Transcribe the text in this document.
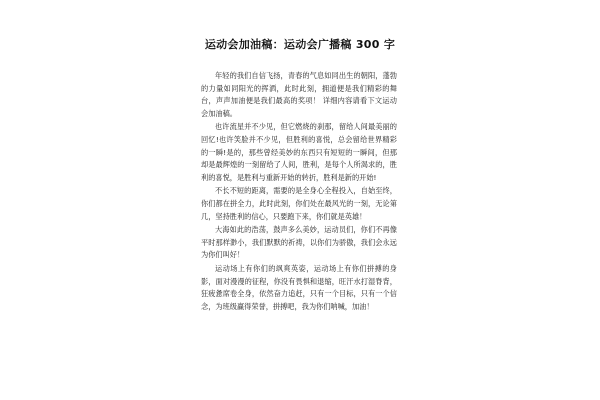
运动会加油稿：运动会广播稿 300 字

年轻的我们自信飞扬，青春的气息如同出生的朝阳，蓬勃的力量如同阳光的挥洒，此时此刻，拥道便是我们精彩的舞台，声声加油便是我们最高的奖项！ 详细内容请看下文运动会加油稿。

也许流星并不少见，但它燃烧的刹那，留给人间最美丽的回忆!也许笑脸并不少见，但胜利的喜悦，总会留给世界精彩的一瞬!是的，那些曾经美妙的东西只有短短的一瞬间，但那却是最辉煌的一刻留给了人间，胜利，是每个人所渴求的，胜利的喜悦，是胜利与重新开始的转折，胜利是新的开始!

不长不短的距离，需要的是全身心全程投入，自始至终，你们都在拼全力，此时此刻，你们处在最风光的一刻，无论第几，坚持胜利的信心，只要跑下来，你们就是英雄！

大海如此的浩荡，鼓声多么美妙，运动员们，你们不再像平时那样渺小，我们默默的祈祷，以你们为骄傲，我们会永远为你们叫好！

运动场上有你们的飒爽英姿，运动场上有你们拼搏的身影，面对漫漫的征程，你没有畏惧和退缩，旺汗水打湿脊背，狂疲惫席卷全身，依然奋力追赶，只有一个目标，只有一个信念，为班级赢得荣誉，拼搏吧，我为你们呐喊，加油！
